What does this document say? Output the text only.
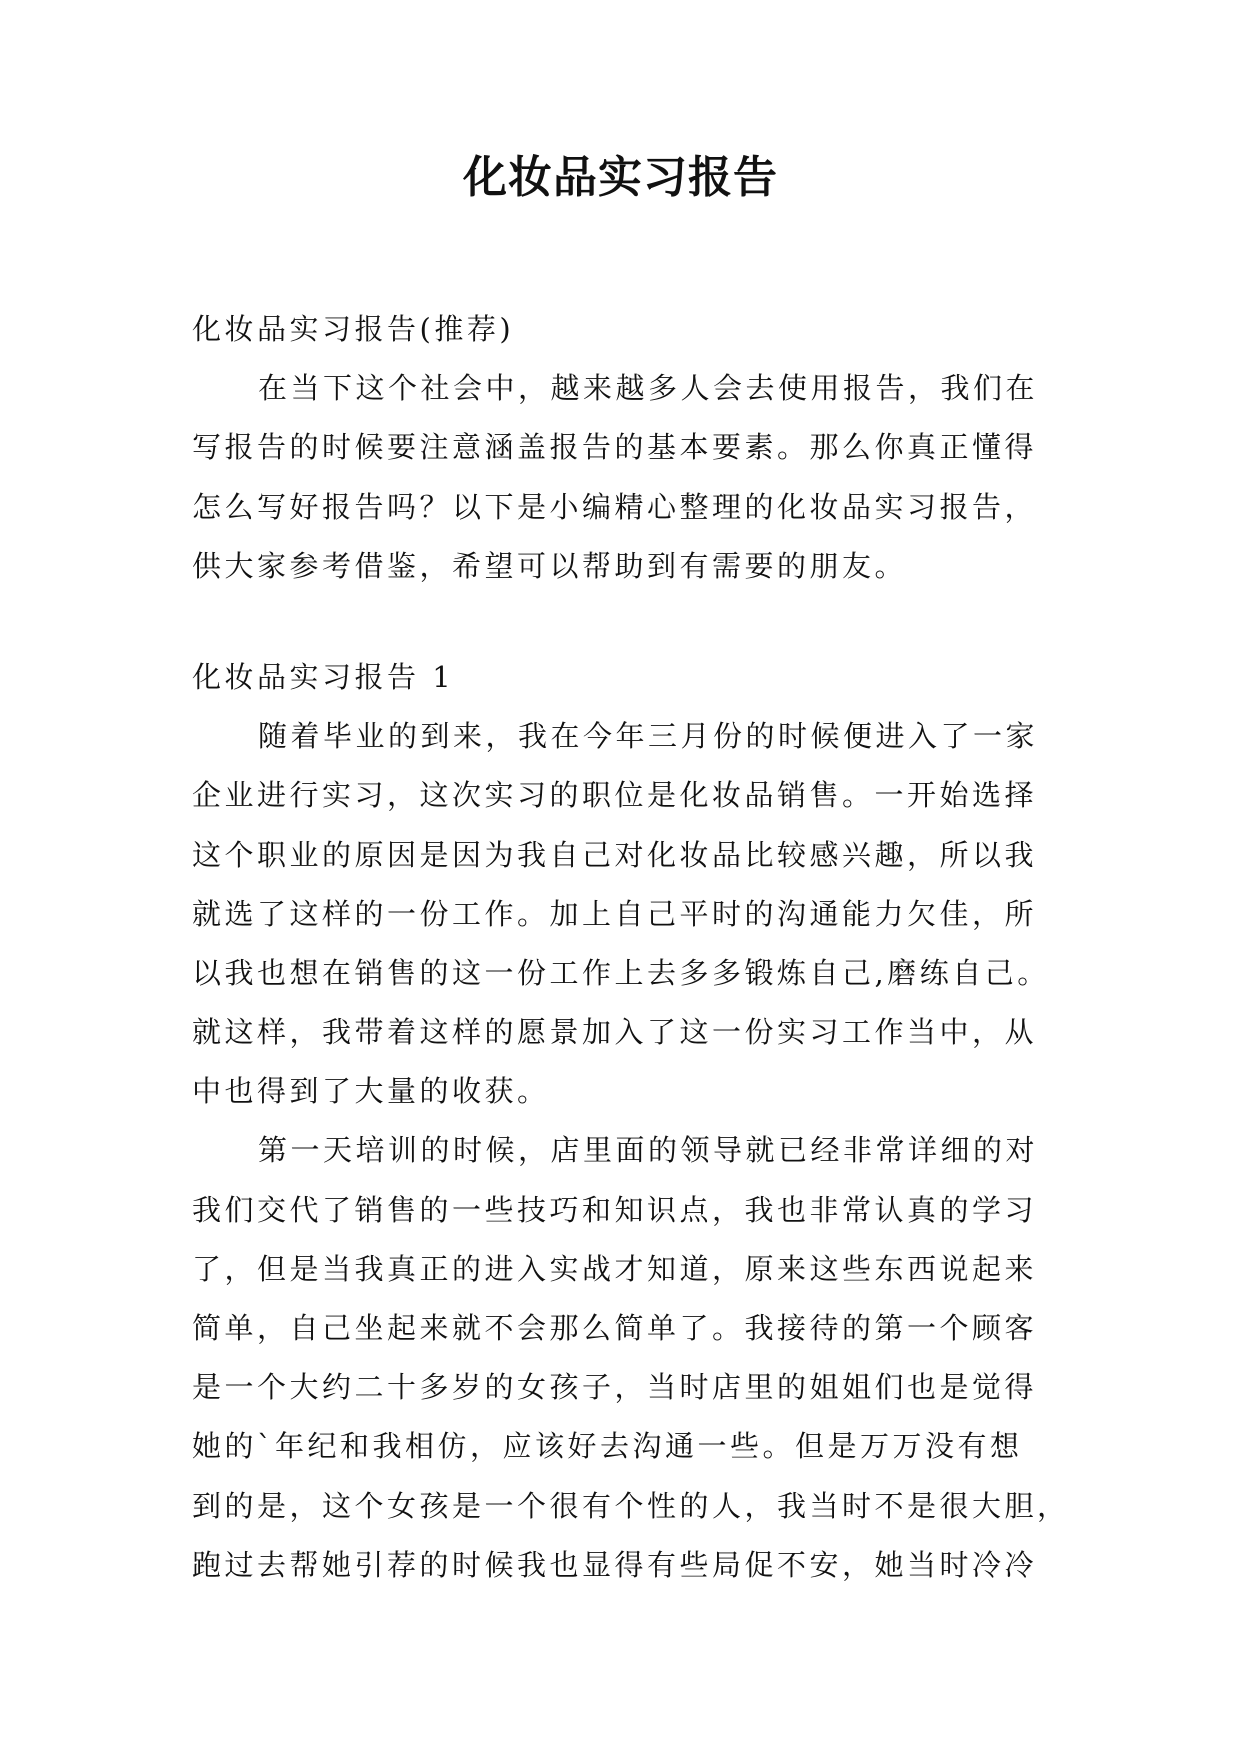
化妆品实习报告
化妆品实习报告(推荐)
在当下这个社会中，越来越多人会去使用报告，我们在
写报告的时候要注意涵盖报告的基本要素。那么你真正懂得
怎么写好报告吗？以下是小编精心整理的化妆品实习报告，
供大家参考借鉴，希望可以帮助到有需要的朋友。
化妆品实习报告 1
随着毕业的到来，我在今年三月份的时候便进入了一家
企业进行实习，这次实习的职位是化妆品销售。一开始选择
这个职业的原因是因为我自己对化妆品比较感兴趣，所以我
就选了这样的一份工作。加上自己平时的沟通能力欠佳，所
以我也想在销售的这一份工作上去多多锻炼自己,磨练自己。
就这样，我带着这样的愿景加入了这一份实习工作当中，从
中也得到了大量的收获。
第一天培训的时候，店里面的领导就已经非常详细的对
我们交代了销售的一些技巧和知识点，我也非常认真的学习
了，但是当我真正的进入实战才知道，原来这些东西说起来
简单，自己坐起来就不会那么简单了。我接待的第一个顾客
是一个大约二十多岁的女孩子，当时店里的姐姐们也是觉得
她的`年纪和我相仿，应该好去沟通一些。但是万万没有想
到的是，这个女孩是一个很有个性的人，我当时不是很大胆，
跑过去帮她引荐的时候我也显得有些局促不安，她当时冷冷
